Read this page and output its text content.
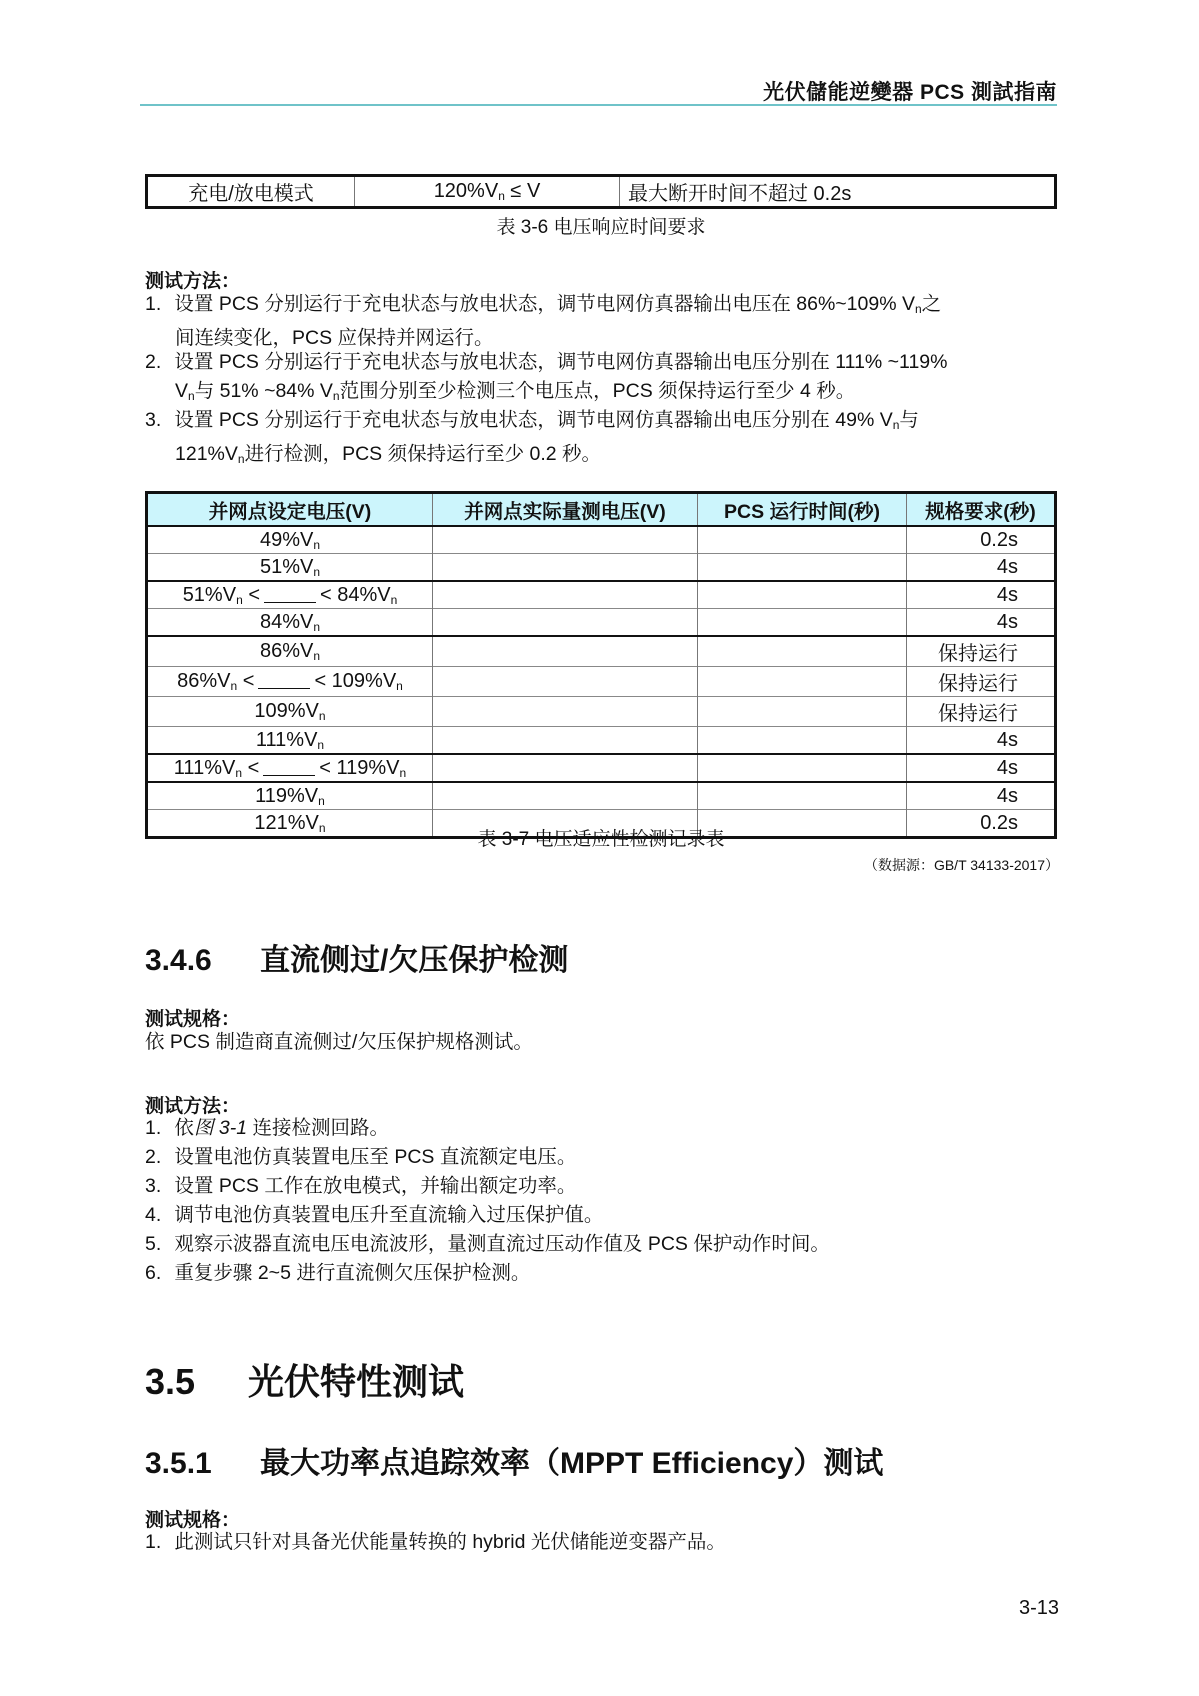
光伏儲能逆變器 PCS 測試指南
充电/放电模式	$120\%V_n \le V$	最大断开时间不超过 0.2s
表 3-6 电压响应时间要求
测试方法：
1. 设置 PCS 分别运行于充电状态与放电状态，调节电网仿真器输出电压在 86%~109% $V_n$之
间连续变化，PCS 应保持并网运行。
2. 设置 PCS 分别运行于充电状态与放电状态，调节电网仿真器输出电压分别在 111% ~119%
$V_n$与 51% ~84% $V_n$范围分别至少检测三个电压点，PCS 须保持运行至少 4 秒。
3. 设置 PCS 分别运行于充电状态与放电状态，调节电网仿真器输出电压分别在 49% $V_n$与
$121\%V_n$进行检测，PCS 须保持运行至少 0.2 秒。
并网点设定电压(V)	并网点实际量测电压(V)	PCS 运行时间(秒)	规格要求(秒)
$49\%V_n$			0.2s
$51\%V_n$			4s
$51\%V_n$ < < $84\%V_n$			4s
$84\%V_n$			4s
$86\%V_n$			保持运行
$86\%V_n$ < < $109\%V_n$			保持运行
$109\%V_n$			保持运行
$111\%V_n$			4s
$111\%V_n$ < < $119\%V_n$			4s
$119\%V_n$			4s
$121\%V_n$			0.2s
表 3-7 电压适应性检测记录表
（数据源：GB/T 34133-2017）
3.4.6 直流侧过/欠压保护检测
测试规格：
依 PCS 制造商直流侧过/欠压保护规格测试。
测试方法：
1. 依图 3-1 连接检测回路。
2. 设置电池仿真装置电压至 PCS 直流额定电压。
3. 设置 PCS 工作在放电模式，并输出额定功率。
4. 调节电池仿真装置电压升至直流输入过压保护值。
5. 观察示波器直流电压电流波形，量测直流过压动作值及 PCS 保护动作时间。
6. 重复步骤 2~5 进行直流侧欠压保护检测。
3.5 光伏特性测试
3.5.1 最大功率点追踪效率（MPPT Efficiency）测试
测试规格：
1. 此测试只针对具备光伏能量转换的 hybrid 光伏储能逆变器产品。
3-13
